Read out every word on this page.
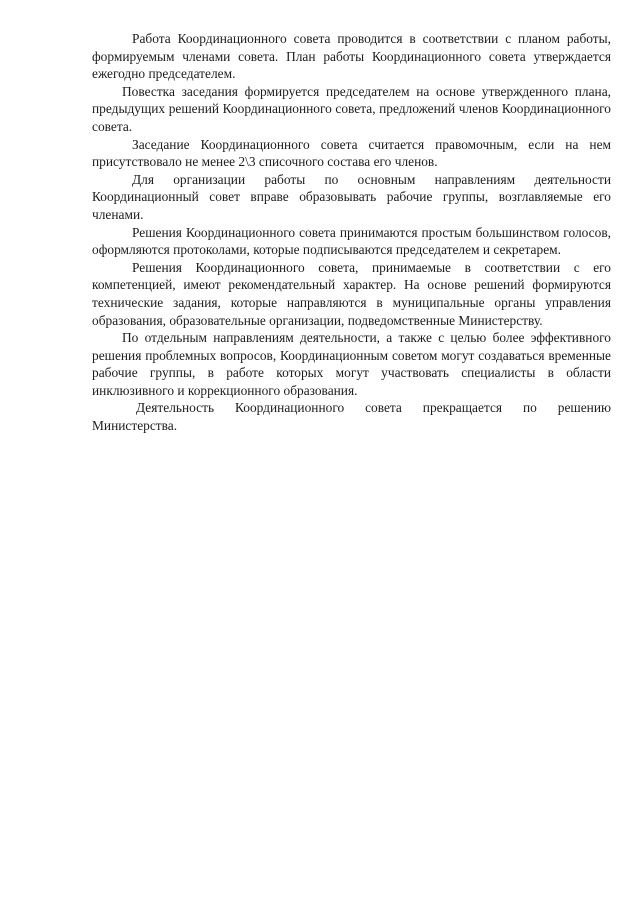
Работа Координационного совета проводится в соответствии с планом работы, формируемым членами совета. План работы Координационного совета утверждается ежегодно председателем.

Повестка заседания формируется председателем на основе утвержденного плана, предыдущих решений Координационного совета, предложений членов Координационного совета.

Заседание Координационного совета считается правомочным, если на нем присутствовало не менее 2\3 списочного состава его членов.

Для организации работы по основным направлениям деятельности Координационный совет вправе образовывать рабочие группы, возглавляемые его членами.

Решения Координационного совета принимаются простым большинством голосов, оформляются протоколами, которые подписываются председателем и секретарем.

Решения Координационного совета, принимаемые в соответствии с его компетенцией, имеют рекомендательный характер. На основе решений формируются технические задания, которые направляются в муниципальные органы управления образования, образовательные организации, подведомственные Министерству.

По отдельным направлениям деятельности, а также с целью более эффективного решения проблемных вопросов, Координационным советом могут создаваться временные рабочие группы, в работе которых могут участвовать специалисты в области инклюзивного и коррекционного образования.

Деятельность Координационного совета прекращается по решению Министерства.
